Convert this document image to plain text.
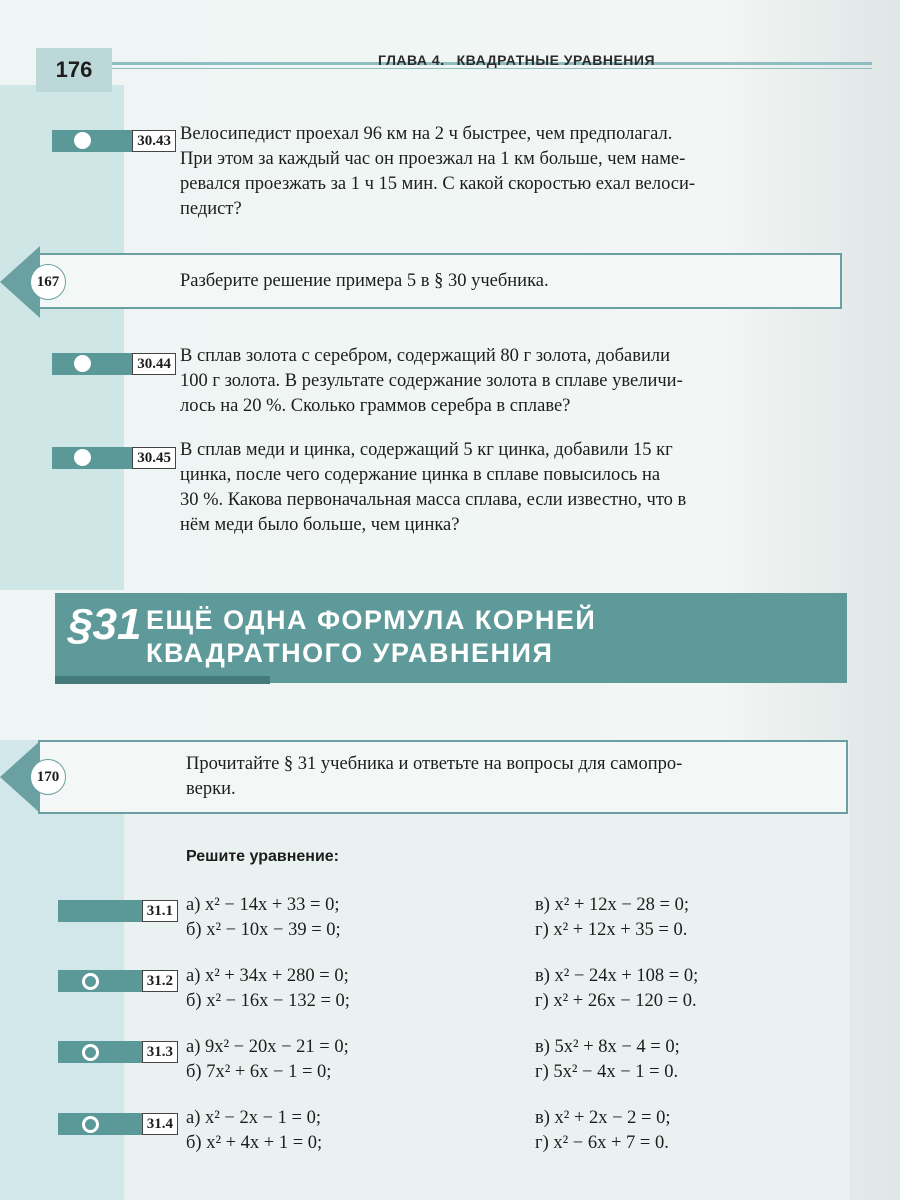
176	ГЛАВА 4. КВАДРАТНЫЕ УРАВНЕНИЯ
30.43 Велосипедист проехал 96 км на 2 ч быстрее, чем предполагал.

При этом за каждый час он проезжал на 1 км больше, чем наме-

ревался проезжать за 1 ч 15 мин. С какой скоростью ехал велоси-

педист?

167	Разберите решение примера 5 в § 30 учебника.
30.44 В сплав золота с серебром, содержащий 80 г золота, добавили

100 г золота. В результате содержание золота в сплаве увеличи-

лось на 20 %. Сколько граммов серебра в сплаве?

30.45 В сплав меди и цинка, содержащий 5 кг цинка, добавили 15 кг

цинка, после чего содержание цинка в сплаве повысилось на

30 %. Какова первоначальная масса сплава, если известно, что в

нём меди было больше, чем цинка?

§31 ЕЩЁ ОДНА ФОРМУЛА КОРНЕЙ
КВАДРАТНОГО УРАВНЕНИЯ
170

Прочитайте § 31 учебника и ответьте на вопросы для самопро-

верки.

Решите уравнение:
31.1 а) x² − 14x + 33 = 0;
б) x² − 10x − 39 = 0;
в) x² + 12x − 28 = 0;
г) x² + 12x + 35 = 0.
31.2 а) x² + 34x + 280 = 0;
б) x² − 16x − 132 = 0;
в) x² − 24x + 108 = 0;
г) x² + 26x − 120 = 0.
31.3 а) 9x² − 20x − 21 = 0;
б) 7x² + 6x − 1 = 0;
в) 5x² + 8x − 4 = 0;
г) 5x² − 4x − 1 = 0.
31.4 а) x² − 2x − 1 = 0;
б) x² + 4x + 1 = 0;
в) x² + 2x − 2 = 0;
г) x² − 6x + 7 = 0.
